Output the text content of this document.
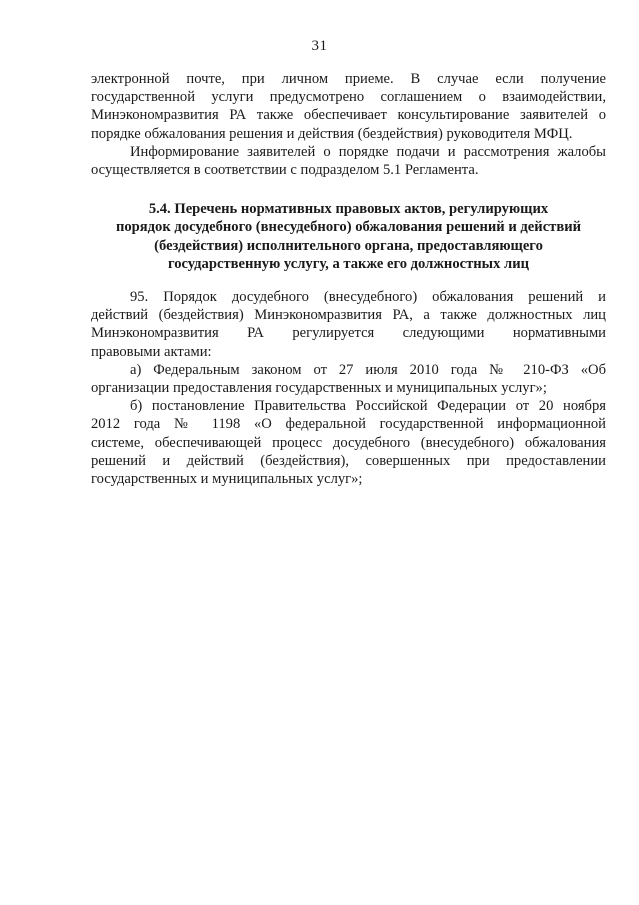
31
электронной почте, при личном приеме. В случае если получение
государственной услуги предусмотрено соглашением о взаимодействии,
Минэкономразвития РА также обеспечивает консультирование заявителей о
порядке обжалования решения и действия (бездействия) руководителя МФЦ.
Информирование заявителей о порядке подачи и рассмотрения жалобы
осуществляется в соответствии с подразделом 5.1 Регламента.
5.4. Перечень нормативных правовых актов, регулирующих
порядок досудебного (внесудебного) обжалования решений и действий
(бездействия) исполнительного органа, предоставляющего
государственную услугу, а также его должностных лиц
95. Порядок досудебного (внесудебного) обжалования решений и
действий (бездействия) Минэкономразвития РА, а также должностных лиц
Минэкономразвития РА регулируется следующими нормативными
правовыми актами:
а) Федеральным законом от 27 июля 2010 года № 210-ФЗ «Об
организации предоставления государственных и муниципальных услуг»;
б) постановление Правительства Российской Федерации от 20 ноября
2012 года № 1198 «О федеральной государственной информационной
системе, обеспечивающей процесс досудебного (внесудебного) обжалования
решений и действий (бездействия), совершенных при предоставлении
государственных и муниципальных услуг»;
